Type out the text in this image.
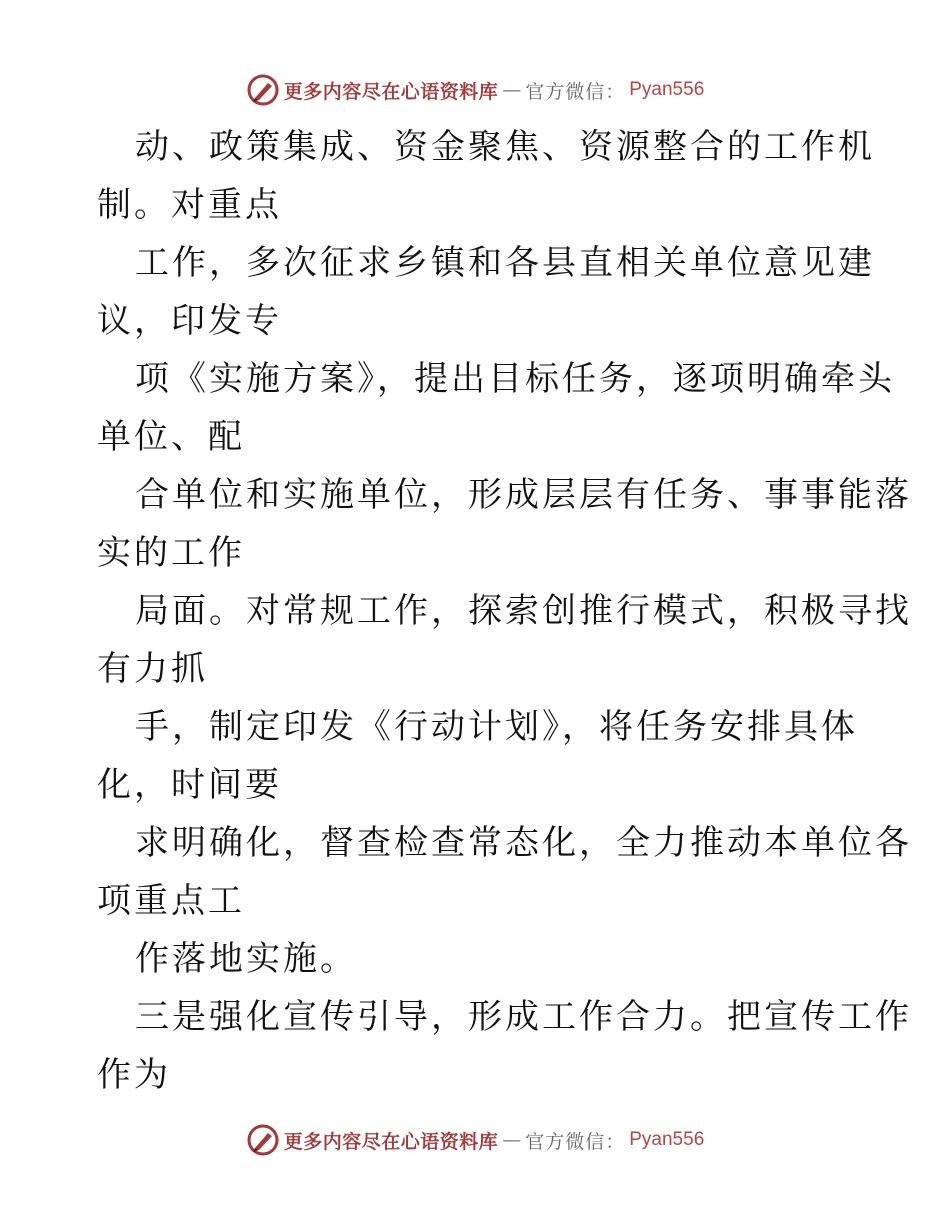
更多内容尽在心语资料库 — 官方微信： Pyan556
动、政策集成、资金聚焦、资源整合的工作机
制。对重点
工作，多次征求乡镇和各县直相关单位意见建
议，印发专
项《实施方案》，提出目标任务，逐项明确牵头
单位、配
合单位和实施单位，形成层层有任务、事事能落
实的工作
局面。对常规工作，探索创推行模式，积极寻找
有力抓
手，制定印发《行动计划》，将任务安排具体
化，时间要
求明确化，督查检查常态化，全力推动本单位各
项重点工
作落地实施。
三是强化宣传引导，形成工作合力。把宣传工作
作为
更多内容尽在心语资料库 — 官方微信： Pyan556
